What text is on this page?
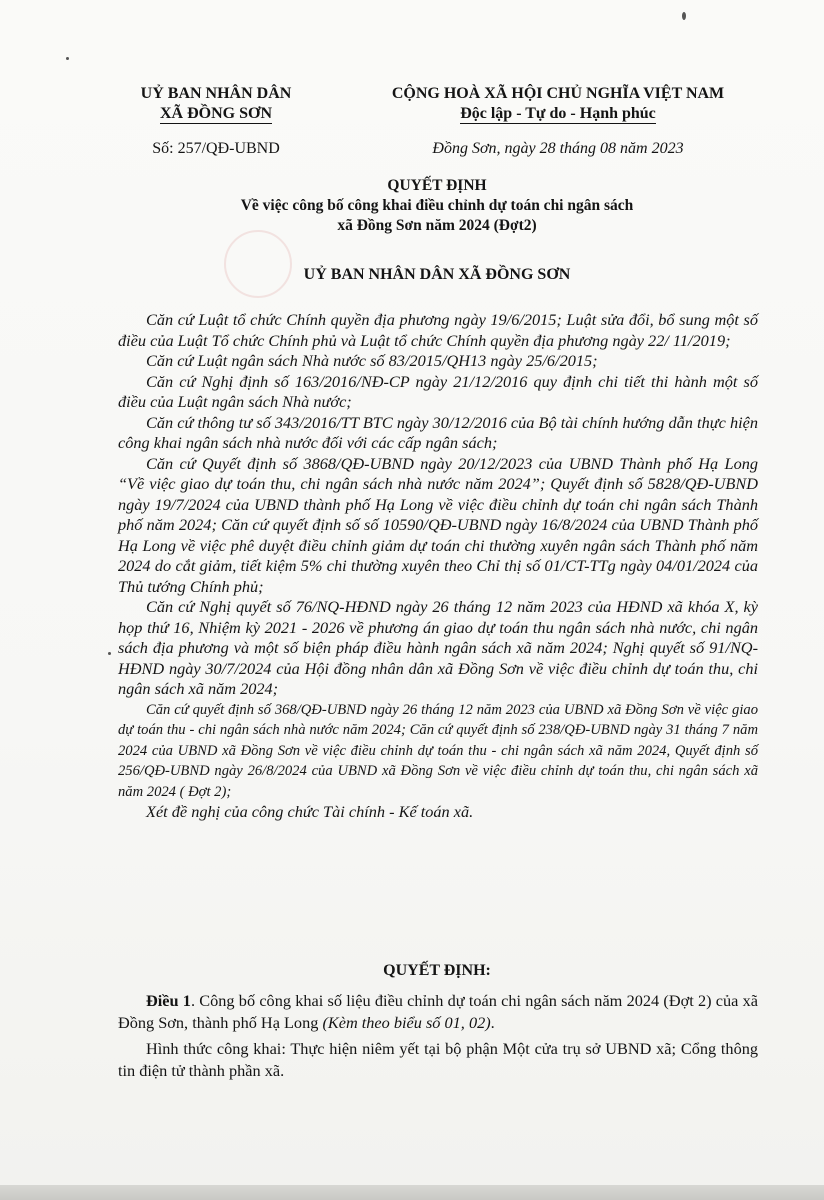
UỶ BAN NHÂN DÂN
XÃ ĐỒNG SƠN
Số: 257/QĐ-UBND
CỘNG HOÀ XÃ HỘI CHỦ NGHĨA VIỆT NAM
Độc lập - Tự do - Hạnh phúc
Đồng Sơn, ngày 28 tháng 08 năm 2023
QUYẾT ĐỊNH
Về việc công bố công khai điều chỉnh dự toán chi ngân sách
xã Đồng Sơn năm 2024 (Đợt2)
UỶ BAN NHÂN DÂN XÃ ĐỒNG SƠN

Căn cứ Luật tổ chức Chính quyền địa phương ngày 19/6/2015; Luật sửa đổi, bổ sung một số điều của Luật Tổ chức Chính phủ và Luật tổ chức Chính quyền địa phương ngày 22/ 11/2019;

Căn cứ Luật ngân sách Nhà nước số 83/2015/QH13 ngày 25/6/2015;

Căn cứ Nghị định số 163/2016/NĐ-CP ngày 21/12/2016 quy định chi tiết thi hành một số điều của Luật ngân sách Nhà nước;

Căn cứ thông tư số 343/2016/TT BTC ngày 30/12/2016 của Bộ tài chính hướng dẫn thực hiện công khai ngân sách nhà nước đối với các cấp ngân sách;

Căn cứ Quyết định số 3868/QĐ-UBND ngày 20/12/2023 của UBND Thành phố Hạ Long “Về việc giao dự toán thu, chi ngân sách nhà nước năm 2024”; Quyết định số 5828/QĐ-UBND ngày 19/7/2024 của UBND thành phố Hạ Long về việc điều chỉnh dự toán chi ngân sách Thành phố năm 2024; Căn cứ quyết định số số 10590/QĐ-UBND ngày 16/8/2024 của UBND Thành phố Hạ Long về việc phê duyệt điều chỉnh giảm dự toán chi thường xuyên ngân sách Thành phố năm 2024 do cắt giảm, tiết kiệm 5% chi thường xuyên theo Chỉ thị số 01/CT-TTg ngày 04/01/2024 của Thủ tướng Chính phủ;

Căn cứ Nghị quyết số 76/NQ-HĐND ngày 26 tháng 12 năm 2023 của HĐND xã khóa X, kỳ họp thứ 16, Nhiệm kỳ 2021 - 2026 về phương án giao dự toán thu ngân sách nhà nước, chi ngân sách địa phương và một số biện pháp điều hành ngân sách xã năm 2024; Nghị quyết số 91/NQ-HĐND ngày 30/7/2024 của Hội đồng nhân dân xã Đồng Sơn về việc điều chỉnh dự toán thu, chi ngân sách xã năm 2024;

Căn cứ quyết định số 368/QĐ-UBND ngày 26 tháng 12 năm 2023 của UBND xã Đồng Sơn về việc giao dự toán thu - chi ngân sách nhà nước năm 2024; Căn cứ quyết định số 238/QĐ-UBND ngày 31 tháng 7 năm 2024 của UBND xã Đồng Sơn về việc điều chỉnh dự toán thu - chi ngân sách xã năm 2024, Quyết định số 256/QĐ-UBND ngày 26/8/2024 của UBND xã Đồng Sơn về việc điều chỉnh dự toán thu, chi ngân sách xã năm 2024 ( Đợt 2);

Xét đề nghị của công chức Tài chính - Kế toán xã.

QUYẾT ĐỊNH:

Điều 1. Công bố công khai số liệu điều chỉnh dự toán chi ngân sách năm 2024 (Đợt 2) của xã Đồng Sơn, thành phố Hạ Long (Kèm theo biểu số 01, 02).

Hình thức công khai: Thực hiện niêm yết tại bộ phận Một cửa trụ sở UBND xã; Cổng thông tin điện tử thành phần xã.
